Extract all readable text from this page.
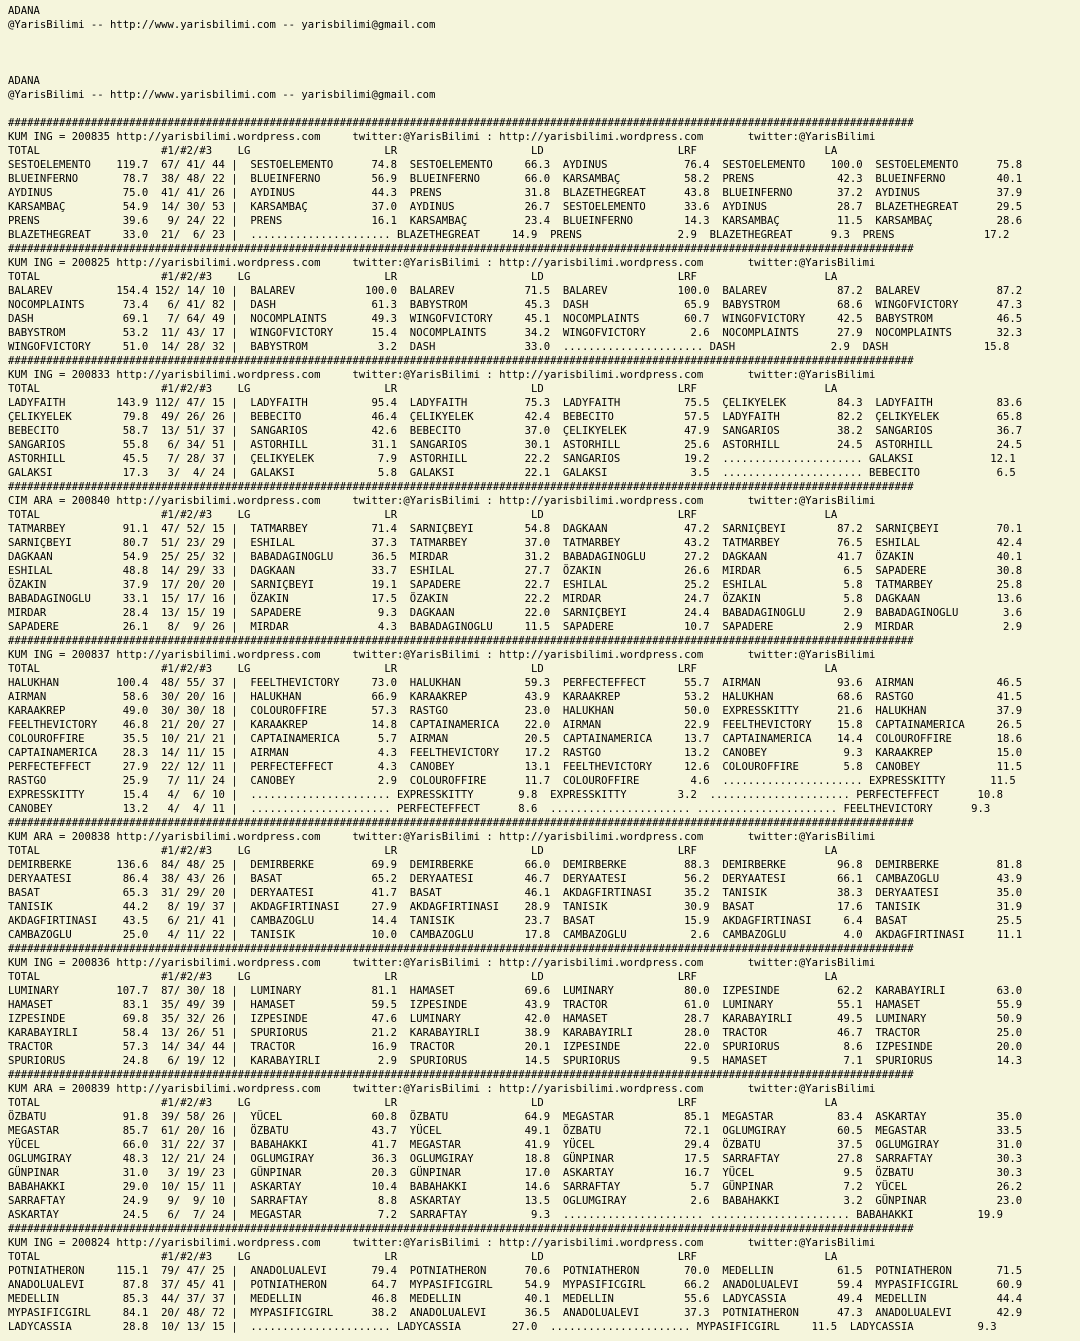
ADANA
@YarisBilimi -- http://www.yarisbilimi.com -- yarisbilimi@gmail.com
ADANA
@YarisBilimi -- http://www.yarisbilimi.com -- yarisbilimi@gmail.com
##############################################################################################################################################
KUM ING = 200835 http://yarisbilimi.wordpress.com     twitter:@YarisBilimi : http://yarisbilimi.wordpress.com       twitter:@YarisBilimi
TOTAL                   #1/#2/#3    LG                     LR                     LD                     LRF                    LA
SESTOELEMENTO    119.7  67/ 41/ 44 |  SESTOELEMENTO      74.8  SESTOELEMENTO     66.3  AYDINUS            76.4  SESTOELEMENTO    100.0  SESTOELEMENTO      75.8
BLUEINFERNO       78.7  38/ 48/ 22 |  BLUEINFERNO        56.9  BLUEINFERNO       66.0  KARSAMBAÇ          58.2  PRENS             42.3  BLUEINFERNO        40.1
AYDINUS           75.0  41/ 41/ 26 |  AYDINUS            44.3  PRENS             31.8  BLAZETHEGREAT      43.8  BLUEINFERNO       37.2  AYDINUS            37.9
KARSAMBAÇ         54.9  14/ 30/ 53 |  KARSAMBAÇ          37.0  AYDINUS           26.7  SESTOELEMENTO      33.6  AYDINUS           28.7  BLAZETHEGREAT      29.5
PRENS             39.6   9/ 24/ 22 |  PRENS              16.1  KARSAMBAÇ         23.4  BLUEINFERNO        14.3  KARSAMBAÇ         11.5  KARSAMBAÇ          28.6
BLAZETHEGREAT     33.0  21/  6/ 23 |  ...................... BLAZETHEGREAT     14.9  PRENS               2.9  BLAZETHEGREAT      9.3  PRENS              17.2
##############################################################################################################################################
KUM ING = 200825 http://yarisbilimi.wordpress.com     twitter:@YarisBilimi : http://yarisbilimi.wordpress.com       twitter:@YarisBilimi
TOTAL                   #1/#2/#3    LG                     LR                     LD                     LRF                    LA
BALAREV          154.4 152/ 14/ 10 |  BALAREV           100.0  BALAREV           71.5  BALAREV           100.0  BALAREV           87.2  BALAREV            87.2
NOCOMPLAINTS      73.4   6/ 41/ 82 |  DASH               61.3  BABYSTROM         45.3  DASH               65.9  BABYSTROM         68.6  WINGOFVICTORY      47.3
DASH              69.1   7/ 64/ 49 |  NOCOMPLAINTS       49.3  WINGOFVICTORY     45.1  NOCOMPLAINTS       60.7  WINGOFVICTORY     42.5  BABYSTROM          46.5
BABYSTROM         53.2  11/ 43/ 17 |  WINGOFVICTORY      15.4  NOCOMPLAINTS      34.2  WINGOFVICTORY       2.6  NOCOMPLAINTS      27.9  NOCOMPLAINTS       32.3
WINGOFVICTORY     51.0  14/ 28/ 32 |  BABYSTROM           3.2  DASH              33.0  ...................... DASH               2.9  DASH               15.8
##############################################################################################################################################
KUM ING = 200833 http://yarisbilimi.wordpress.com     twitter:@YarisBilimi : http://yarisbilimi.wordpress.com       twitter:@YarisBilimi
TOTAL                   #1/#2/#3    LG                     LR                     LD                     LRF                    LA
LADYFAITH        143.9 112/ 47/ 15 |  LADYFAITH          95.4  LADYFAITH         75.3  LADYFAITH          75.5  ÇELIKYELEK        84.3  LADYFAITH          83.6
ÇELIKYELEK        79.8  49/ 26/ 26 |  BEBECITO           46.4  ÇELIKYELEK        42.4  BEBECITO           57.5  LADYFAITH         82.2  ÇELIKYELEK         65.8
BEBECITO          58.7  13/ 51/ 37 |  SANGARIOS          42.6  BEBECITO          37.0  ÇELIKYELEK         47.9  SANGARIOS         38.2  SANGARIOS          36.7
SANGARIOS         55.8   6/ 34/ 51 |  ASTORHILL          31.1  SANGARIOS         30.1  ASTORHILL          25.6  ASTORHILL         24.5  ASTORHILL          24.5
ASTORHILL         45.5   7/ 28/ 37 |  ÇELIKYELEK          7.9  ASTORHILL         22.2  SANGARIOS          19.2  ...................... GALAKSI            12.1
GALAKSI           17.3   3/  4/ 24 |  GALAKSI             5.8  GALAKSI           22.1  GALAKSI             3.5  ...................... BEBECITO            6.5
##############################################################################################################################################
CIM ARA = 200840 http://yarisbilimi.wordpress.com     twitter:@YarisBilimi : http://yarisbilimi.wordpress.com       twitter:@YarisBilimi
TOTAL                   #1/#2/#3    LG                     LR                     LD                     LRF                    LA
TATMARBEY         91.1  47/ 52/ 15 |  TATMARBEY          71.4  SARNIÇBEYI        54.8  DAGKAAN            47.2  SARNIÇBEYI        87.2  SARNIÇBEYI         70.1
SARNIÇBEYI        80.7  51/ 23/ 29 |  ESHILAL            37.3  TATMARBEY         37.0  TATMARBEY          43.2  TATMARBEY         76.5  ESHILAL            42.4
DAGKAAN           54.9  25/ 25/ 32 |  BABADAGINOGLU      36.5  MIRDAR            31.2  BABADAGINOGLU      27.2  DAGKAAN           41.7  ÖZAKIN             40.1
ESHILAL           48.8  14/ 29/ 33 |  DAGKAAN            33.7  ESHILAL           27.7  ÖZAKIN             26.6  MIRDAR             6.5  SAPADERE           30.8
ÖZAKIN            37.9  17/ 20/ 20 |  SARNIÇBEYI         19.1  SAPADERE          22.7  ESHILAL            25.2  ESHILAL            5.8  TATMARBEY          25.8
BABADAGINOGLU     33.1  15/ 17/ 16 |  ÖZAKIN             17.5  ÖZAKIN            22.2  MIRDAR             24.7  ÖZAKIN             5.8  DAGKAAN            13.6
MIRDAR            28.4  13/ 15/ 19 |  SAPADERE            9.3  DAGKAAN           22.0  SARNIÇBEYI         24.4  BABADAGINOGLU      2.9  BABADAGINOGLU       3.6
SAPADERE          26.1   8/  9/ 26 |  MIRDAR              4.3  BABADAGINOGLU     11.5  SAPADERE           10.7  SAPADERE           2.9  MIRDAR              2.9
##############################################################################################################################################
KUM ING = 200837 http://yarisbilimi.wordpress.com     twitter:@YarisBilimi : http://yarisbilimi.wordpress.com       twitter:@YarisBilimi
TOTAL                   #1/#2/#3    LG                     LR                     LD                     LRF                    LA
HALUKHAN         100.4  48/ 55/ 37 |  FEELTHEVICTORY     73.0  HALUKHAN          59.3  PERFECTEFFECT      55.7  AIRMAN            93.6  AIRMAN             46.5
AIRMAN            58.6  30/ 20/ 16 |  HALUKHAN           66.9  KARAAKREP         43.9  KARAAKREP          53.2  HALUKHAN          68.6  RASTGO             41.5
KARAAKREP         49.0  30/ 30/ 18 |  COLOUROFFIRE       57.3  RASTGO            23.0  HALUKHAN           50.0  EXPRESSKITTY      21.6  HALUKHAN           37.9
FEELTHEVICTORY    46.8  21/ 20/ 27 |  KARAAKREP          14.8  CAPTAINAMERICA    22.0  AIRMAN             22.9  FEELTHEVICTORY    15.8  CAPTAINAMERICA     26.5
COLOUROFFIRE      35.5  10/ 21/ 21 |  CAPTAINAMERICA      5.7  AIRMAN            20.5  CAPTAINAMERICA     13.7  CAPTAINAMERICA    14.4  COLOUROFFIRE       18.6
CAPTAINAMERICA    28.3  14/ 11/ 15 |  AIRMAN              4.3  FEELTHEVICTORY    17.2  RASTGO             13.2  CANOBEY            9.3  KARAAKREP          15.0
PERFECTEFFECT     27.9  22/ 12/ 11 |  PERFECTEFFECT       4.3  CANOBEY           13.1  FEELTHEVICTORY     12.6  COLOUROFFIRE       5.8  CANOBEY            11.5
RASTGO            25.9   7/ 11/ 24 |  CANOBEY             2.9  COLOUROFFIRE      11.7  COLOUROFFIRE        4.6  ...................... EXPRESSKITTY       11.5
EXPRESSKITTY      15.4   4/  6/ 10 |  ...................... EXPRESSKITTY       9.8  EXPRESSKITTY        3.2  ...................... PERFECTEFFECT      10.8
CANOBEY           13.2   4/  4/ 11 |  ...................... PERFECTEFFECT      8.6  ...................... ...................... FEELTHEVICTORY      9.3
##############################################################################################################################################
KUM ARA = 200838 http://yarisbilimi.wordpress.com     twitter:@YarisBilimi : http://yarisbilimi.wordpress.com       twitter:@YarisBilimi
TOTAL                   #1/#2/#3    LG                     LR                     LD                     LRF                    LA
DEMIRBERKE       136.6  84/ 48/ 25 |  DEMIRBERKE         69.9  DEMIRBERKE        66.0  DEMIRBERKE         88.3  DEMIRBERKE        96.8  DEMIRBERKE         81.8
DERYAATESI        86.4  38/ 43/ 26 |  BASAT              65.2  DERYAATESI        46.7  DERYAATESI         56.2  DERYAATESI        66.1  CAMBAZOGLU         43.9
BASAT             65.3  31/ 29/ 20 |  DERYAATESI         41.7  BASAT             46.1  AKDAGFIRTINASI     35.2  TANISIK           38.3  DERYAATESI         35.0
TANISIK           44.2   8/ 19/ 37 |  AKDAGFIRTINASI     27.9  AKDAGFIRTINASI    28.9  TANISIK            30.9  BASAT             17.6  TANISIK            31.9
AKDAGFIRTINASI    43.5   6/ 21/ 41 |  CAMBAZOGLU         14.4  TANISIK           23.7  BASAT              15.9  AKDAGFIRTINASI     6.4  BASAT              25.5
CAMBAZOGLU        25.0   4/ 11/ 22 |  TANISIK            10.0  CAMBAZOGLU        17.8  CAMBAZOGLU          2.6  CAMBAZOGLU         4.0  AKDAGFIRTINASI     11.1
##############################################################################################################################################
KUM ING = 200836 http://yarisbilimi.wordpress.com     twitter:@YarisBilimi : http://yarisbilimi.wordpress.com       twitter:@YarisBilimi
TOTAL                   #1/#2/#3    LG                     LR                     LD                     LRF                    LA
LUMINARY         107.7  87/ 30/ 18 |  LUMINARY           81.1  HAMASET           69.6  LUMINARY           80.0  IZPESINDE         62.2  KARABAYIRLI        63.0
HAMASET           83.1  35/ 49/ 39 |  HAMASET            59.5  IZPESINDE         43.9  TRACTOR            61.0  LUMINARY          55.1  HAMASET            55.9
IZPESINDE         69.8  35/ 32/ 26 |  IZPESINDE          47.6  LUMINARY          42.0  HAMASET            28.7  KARABAYIRLI       49.5  LUMINARY           50.9
KARABAYIRLI       58.4  13/ 26/ 51 |  SPURIORUS          21.2  KARABAYIRLI       38.9  KARABAYIRLI        28.0  TRACTOR           46.7  TRACTOR            25.0
TRACTOR           57.3  14/ 34/ 44 |  TRACTOR            16.9  TRACTOR           20.1  IZPESINDE          22.0  SPURIORUS          8.6  IZPESINDE          20.0
SPURIORUS         24.8   6/ 19/ 12 |  KARABAYIRLI         2.9  SPURIORUS         14.5  SPURIORUS           9.5  HAMASET            7.1  SPURIORUS          14.3
##############################################################################################################################################
KUM ARA = 200839 http://yarisbilimi.wordpress.com     twitter:@YarisBilimi : http://yarisbilimi.wordpress.com       twitter:@YarisBilimi
TOTAL                   #1/#2/#3    LG                     LR                     LD                     LRF                    LA
ÖZBATU            91.8  39/ 58/ 26 |  YÜCEL              60.8  ÖZBATU            64.9  MEGASTAR           85.1  MEGASTAR          83.4  ASKARTAY           35.0
MEGASTAR          85.7  61/ 20/ 16 |  ÖZBATU             43.7  YÜCEL             49.1  ÖZBATU             72.1  OGLUMGIRAY        60.5  MEGASTAR           33.5
YÜCEL             66.0  31/ 22/ 37 |  BABAHAKKI          41.7  MEGASTAR          41.9  YÜCEL              29.4  ÖZBATU            37.5  OGLUMGIRAY         31.0
OGLUMGIRAY        48.3  12/ 21/ 24 |  OGLUMGIRAY         36.3  OGLUMGIRAY        18.8  GÜNPINAR           17.5  SARRAFTAY         27.8  SARRAFTAY          30.3
GÜNPINAR          31.0   3/ 19/ 23 |  GÜNPINAR           20.3  GÜNPINAR          17.0  ASKARTAY           16.7  YÜCEL              9.5  ÖZBATU             30.3
BABAHAKKI         29.0  10/ 15/ 11 |  ASKARTAY           10.4  BABAHAKKI         14.6  SARRAFTAY           5.7  GÜNPINAR           7.2  YÜCEL              26.2
SARRAFTAY         24.9   9/  9/ 10 |  SARRAFTAY           8.8  ASKARTAY          13.5  OGLUMGIRAY          2.6  BABAHAKKI          3.2  GÜNPINAR           23.0
ASKARTAY          24.5   6/  7/ 24 |  MEGASTAR            7.2  SARRAFTAY          9.3  ...................... ...................... BABAHAKKI          19.9
##############################################################################################################################################
KUM ING = 200824 http://yarisbilimi.wordpress.com     twitter:@YarisBilimi : http://yarisbilimi.wordpress.com       twitter:@YarisBilimi
TOTAL                   #1/#2/#3    LG                     LR                     LD                     LRF                    LA
POTNIATHERON     115.1  79/ 47/ 25 |  ANADOLUALEVI       79.4  POTNIATHERON      70.6  POTNIATHERON       70.0  MEDELLIN          61.5  POTNIATHERON       71.5
ANADOLUALEVI      87.8  37/ 45/ 41 |  POTNIATHERON       64.7  MYPASIFICGIRL     54.9  MYPASIFICGIRL      66.2  ANADOLUALEVI      59.4  MYPASIFICGIRL      60.9
MEDELLIN          85.3  44/ 37/ 37 |  MEDELLIN           46.8  MEDELLIN          40.1  MEDELLIN           55.6  LADYCASSIA        49.4  MEDELLIN           44.4
MYPASIFICGIRL     84.1  20/ 48/ 72 |  MYPASIFICGIRL      38.2  ANADOLUALEVI      36.5  ANADOLUALEVI       37.3  POTNIATHERON      47.3  ANADOLUALEVI       42.9
LADYCASSIA        28.8  10/ 13/ 15 |  ...................... LADYCASSIA        27.0  ...................... MYPASIFICGIRL     11.5  LADYCASSIA          9.3
